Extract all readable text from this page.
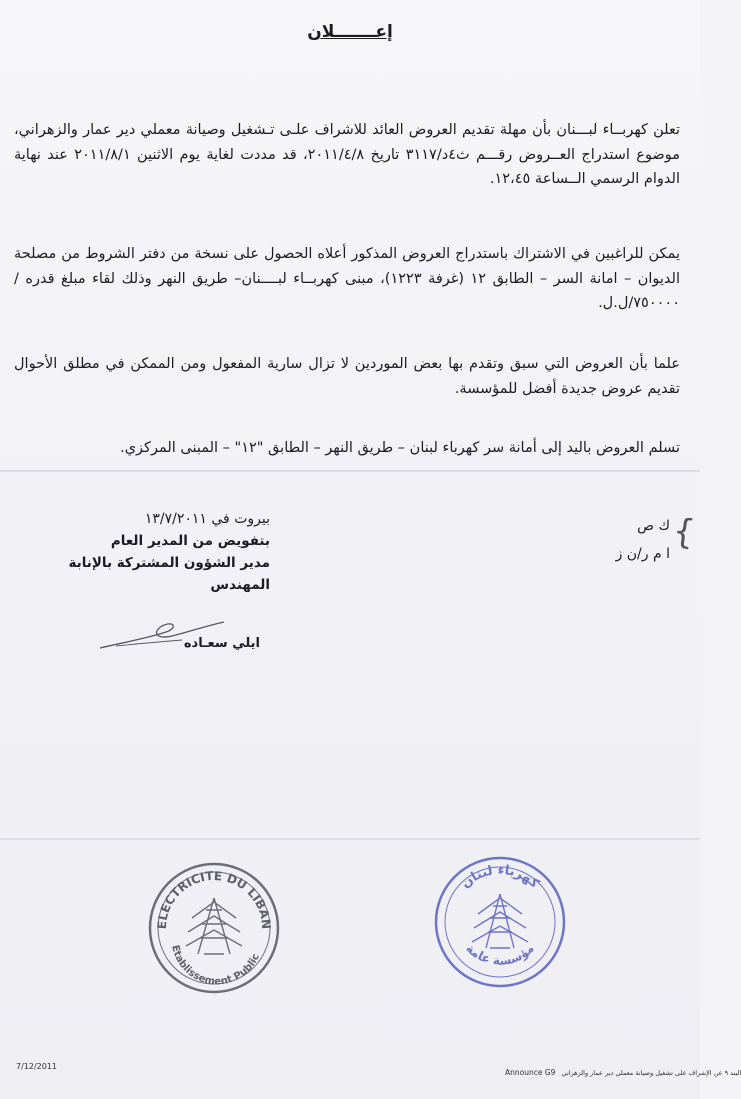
إعـــــــلان
تعلن كهربــاء لبـــنان بأن مهلة تقديم العروض العائد للاشراف علـى تـشغيل وصيانة معملي دير عمار والزهراني، موضوع استدراج العــروض رقـــم ث٤د/٣١١٧ تاريخ ٢٠١١/٤/٨، قد مددت لغاية يوم الاثنين ٢٠١١/٨/١ عند نهاية الدوام الرسمي الــساعة ١٢،٤٥.
يمكن للراغبين في الاشتراك باستدراج العروض المذكور أعلاه الحصول على نسخة من دفتر الشروط من مصلحة الديوان – امانة السر – الطابق ١٢ (غرفة ١٢٢٣)، مبنى كهربــاء لبــــنان– طريق النهر وذلك لقاء مبلغ قدره /٧٥٠٠٠٠/ل.ل.
علما بأن العروض التي سبق وتقدم بها بعض الموردين لا تزال سارية المفعول ومن الممكن في مطلق الأحوال تقديم عروض جديدة أفضل للمؤسسة.
تسلم العروض باليد إلى أمانة سر كهرباء لبنان – طريق النهر – الطابق "١٢" – المبنى المركزي.
بيروت في ١٣/٧/٢٠١١
بتفويض من المدير العام
مدير الشؤون المشتركة بالإنابة
المهندس
ايلي سعـاده
ك ص
ا م ر/ن ز
{
ELECTRICITE DU LIBAN
Etablissement Public
كهرباء لبنان
مؤسسة عامة
7/12/2011
Announce G9 البند ٩ عن الإشراف على تشغيل وصيانة معملي دير عمار والزهراني
